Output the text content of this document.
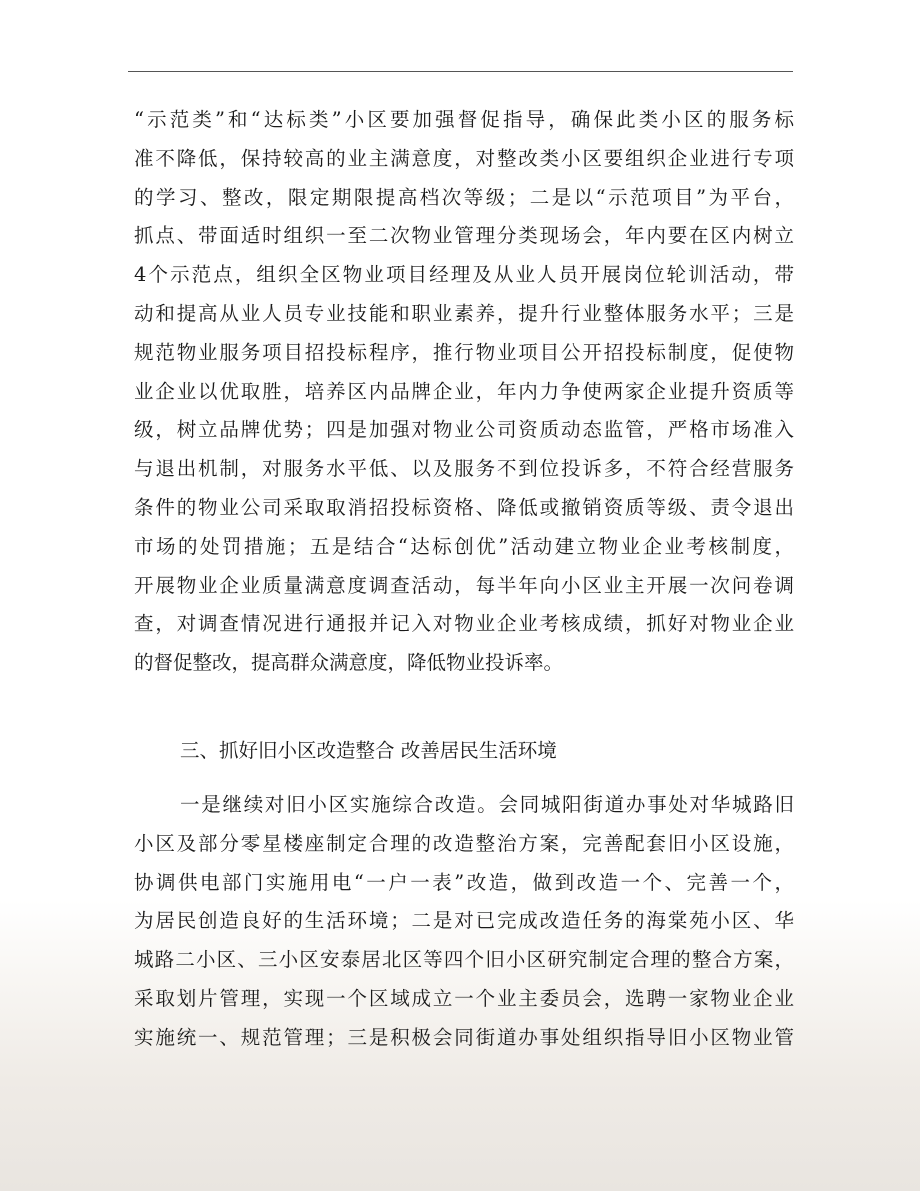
“示范类”和“达标类”小区要加强督促指导，确保此类小区的服务标
准不降低，保持较高的业主满意度，对整改类小区要组织企业进行专项
的学习、整改，限定期限提高档次等级；二是以“示范项目”为平台，
抓点、带面适时组织一至二次物业管理分类现场会，年内要在区内树立
4个示范点，组织全区物业项目经理及从业人员开展岗位轮训活动，带
动和提高从业人员专业技能和职业素养，提升行业整体服务水平；三是
规范物业服务项目招投标程序，推行物业项目公开招投标制度，促使物
业企业以优取胜，培养区内品牌企业，年内力争使两家企业提升资质等
级，树立品牌优势；四是加强对物业公司资质动态监管，严格市场准入
与退出机制，对服务水平低、以及服务不到位投诉多，不符合经营服务
条件的物业公司采取取消招投标资格、降低或撤销资质等级、责令退出
市场的处罚措施；五是结合“达标创优”活动建立物业企业考核制度，
开展物业企业质量满意度调查活动，每半年向小区业主开展一次问卷调
查，对调查情况进行通报并记入对物业企业考核成绩，抓好对物业企业
的督促整改，提高群众满意度，降低物业投诉率。
三、抓好旧小区改造整合 改善居民生活环境
一是继续对旧小区实施综合改造。会同城阳街道办事处对华城路旧
小区及部分零星楼座制定合理的改造整治方案，完善配套旧小区设施，
协调供电部门实施用电“一户一表”改造，做到改造一个、完善一个，
为居民创造良好的生活环境；二是对已完成改造任务的海棠苑小区、华
城路二小区、三小区安泰居北区等四个旧小区研究制定合理的整合方案，
采取划片管理，实现一个区域成立一个业主委员会，选聘一家物业企业
实施统一、规范管理；三是积极会同街道办事处组织指导旧小区物业管
